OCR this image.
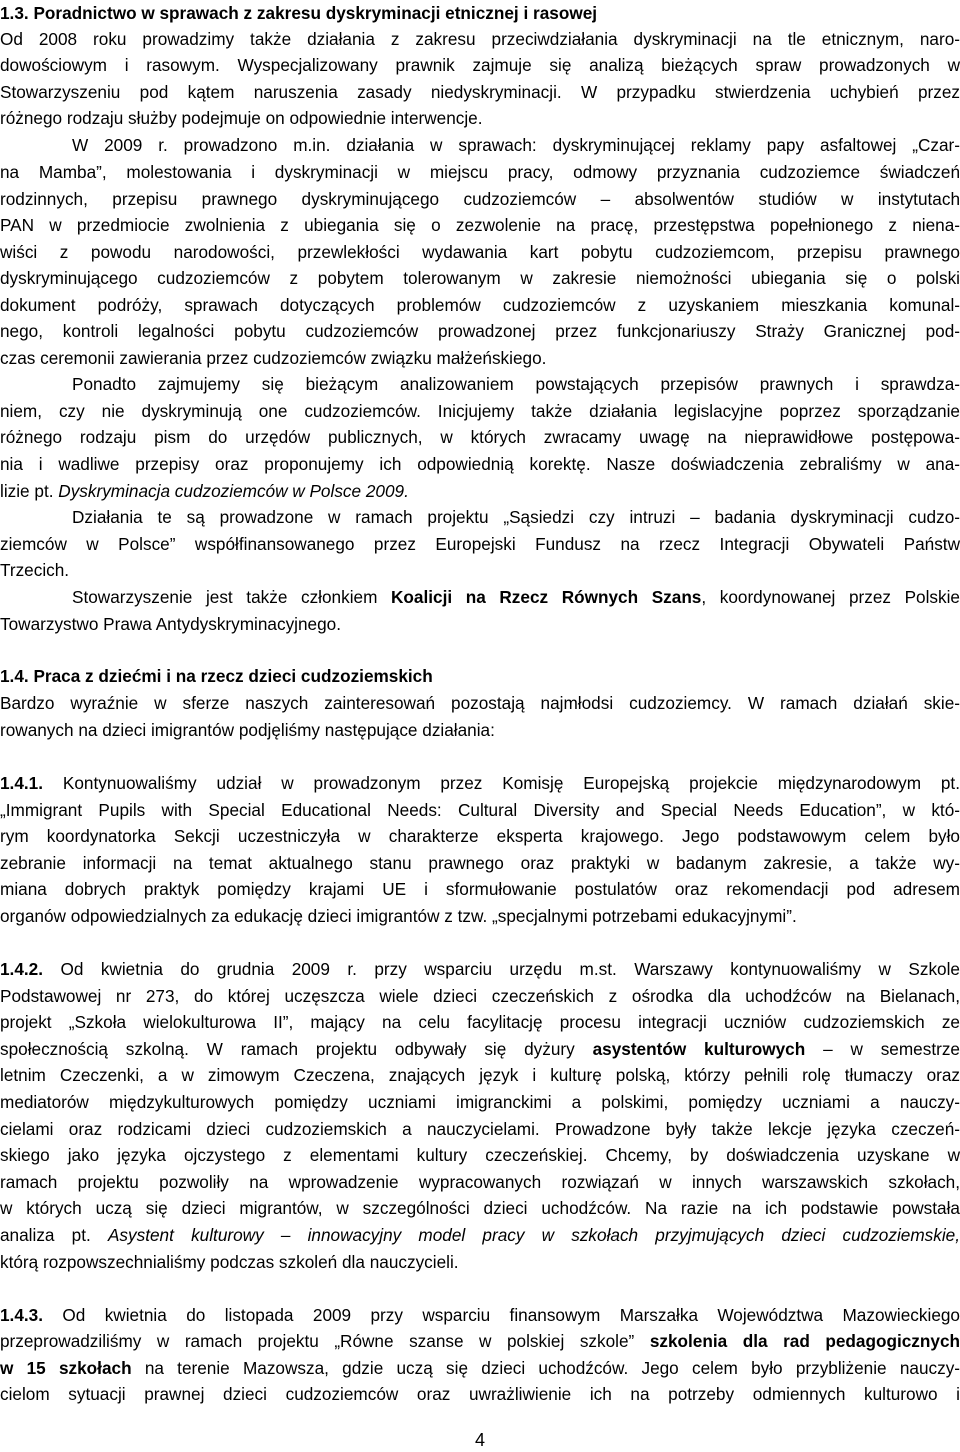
1.3. Poradnictwo w sprawach z zakresu dyskryminacji etnicznej i rasowej
Od 2008 roku prowadzimy także działania z zakresu przeciwdziałania dyskryminacji na tle etnicznym, naro-
dowościowym i rasowym. Wyspecjalizowany prawnik zajmuje się analizą bieżących spraw prowadzonych w
Stowarzyszeniu pod kątem naruszenia zasady niedyskryminacji. W przypadku stwierdzenia uchybień przez
różnego rodzaju służby podejmuje on odpowiednie interwencje.
W 2009 r. prowadzono m.in. działania w sprawach: dyskryminującej reklamy papy asfaltowej „Czar-
na Mamba”, molestowania i dyskryminacji w miejscu pracy, odmowy przyznania cudzoziemce świadczeń
rodzinnych, przepisu prawnego dyskryminującego cudzoziemców – absolwentów studiów w instytutach
PAN w przedmiocie zwolnienia z ubiegania się o zezwolenie na pracę, przestępstwa popełnionego z niena-
wiści z powodu narodowości, przewlekłości wydawania kart pobytu cudzoziemcom, przepisu prawnego
dyskryminującego cudzoziemców z pobytem tolerowanym w zakresie niemożności ubiegania się o polski
dokument podróży, sprawach dotyczących problemów cudzoziemców z uzyskaniem mieszkania komunal-
nego, kontroli legalności pobytu cudzoziemców prowadzonej przez funkcjonariuszy Straży Granicznej pod-
czas ceremonii zawierania przez cudzoziemców związku małżeńskiego.
Ponadto zajmujemy się bieżącym analizowaniem powstających przepisów prawnych i sprawdza-
niem, czy nie dyskryminują one cudzoziemców. Inicjujemy także działania legislacyjne poprzez sporządzanie
różnego rodzaju pism do urzędów publicznych, w których zwracamy uwagę na nieprawidłowe postępowa-
nia i wadliwe przepisy oraz proponujemy ich odpowiednią korektę. Nasze doświadczenia zebraliśmy w ana-
lizie pt. Dyskryminacja cudzoziemców w Polsce 2009.
Działania te są prowadzone w ramach projektu „Sąsiedzi czy intruzi – badania dyskryminacji cudzo-
ziemców w Polsce” współfinansowanego przez Europejski Fundusz na rzecz Integracji Obywateli Państw
Trzecich.
Stowarzyszenie jest także członkiem Koalicji na Rzecz Równych Szans, koordynowanej przez Polskie
Towarzystwo Prawa Antydyskryminacyjnego.
1.4. Praca z dziećmi i na rzecz dzieci cudzoziemskich
Bardzo wyraźnie w sferze naszych zainteresowań pozostają najmłodsi cudzoziemcy. W ramach działań skie-
rowanych na dzieci imigrantów podjęliśmy następujące działania:
1.4.1. Kontynuowaliśmy udział w prowadzonym przez Komisję Europejską projekcie międzynarodowym pt.
„Immigrant Pupils with Special Educational Needs: Cultural Diversity and Special Needs Education”, w któ-
rym koordynatorka Sekcji uczestniczyła w charakterze eksperta krajowego. Jego podstawowym celem było
zebranie informacji na temat aktualnego stanu prawnego oraz praktyki w badanym zakresie, a także wy-
miana dobrych praktyk pomiędzy krajami UE i sformułowanie postulatów oraz rekomendacji pod adresem
organów odpowiedzialnych za edukację dzieci imigrantów z tzw. „specjalnymi potrzebami edukacyjnymi”.
1.4.2. Od kwietnia do grudnia 2009 r. przy wsparciu urzędu m.st. Warszawy kontynuowaliśmy w Szkole
Podstawowej nr 273, do której uczęszcza wiele dzieci czeczeńskich z ośrodka dla uchodźców na Bielanach,
projekt „Szkoła wielokulturowa II”, mający na celu facylitację procesu integracji uczniów cudzoziemskich ze
społecznością szkolną. W ramach projektu odbywały się dyżury asystentów kulturowych – w semestrze
letnim Czeczenki, a w zimowym Czeczena, znających język i kulturę polską, którzy pełnili rolę tłumaczy oraz
mediatorów międzykulturowych pomiędzy uczniami imigranckimi a polskimi, pomiędzy uczniami a nauczy-
cielami oraz rodzicami dzieci cudzoziemskich a nauczycielami. Prowadzone były także lekcje języka czeczeń-
skiego jako języka ojczystego z elementami kultury czeczeńskiej. Chcemy, by doświadczenia uzyskane w
ramach projektu pozwoliły na wprowadzenie wypracowanych rozwiązań w innych warszawskich szkołach,
w których uczą się dzieci migrantów, w szczególności dzieci uchodźców. Na razie na ich podstawie powstała
analiza pt. Asystent kulturowy – innowacyjny model pracy w szkołach przyjmujących dzieci cudzoziemskie,
którą rozpowszechnialiśmy podczas szkoleń dla nauczycieli.
1.4.3. Od kwietnia do listopada 2009 przy wsparciu finansowym Marszałka Województwa Mazowieckiego
przeprowadziliśmy w ramach projektu „Równe szanse w polskiej szkole” szkolenia dla rad pedagogicznych
w 15 szkołach na terenie Mazowsza, gdzie uczą się dzieci uchodźców. Jego celem było przybliżenie nauczy-
cielom sytuacji prawnej dzieci cudzoziemców oraz uwrażliwienie ich na potrzeby odmiennych kulturowo i
4
